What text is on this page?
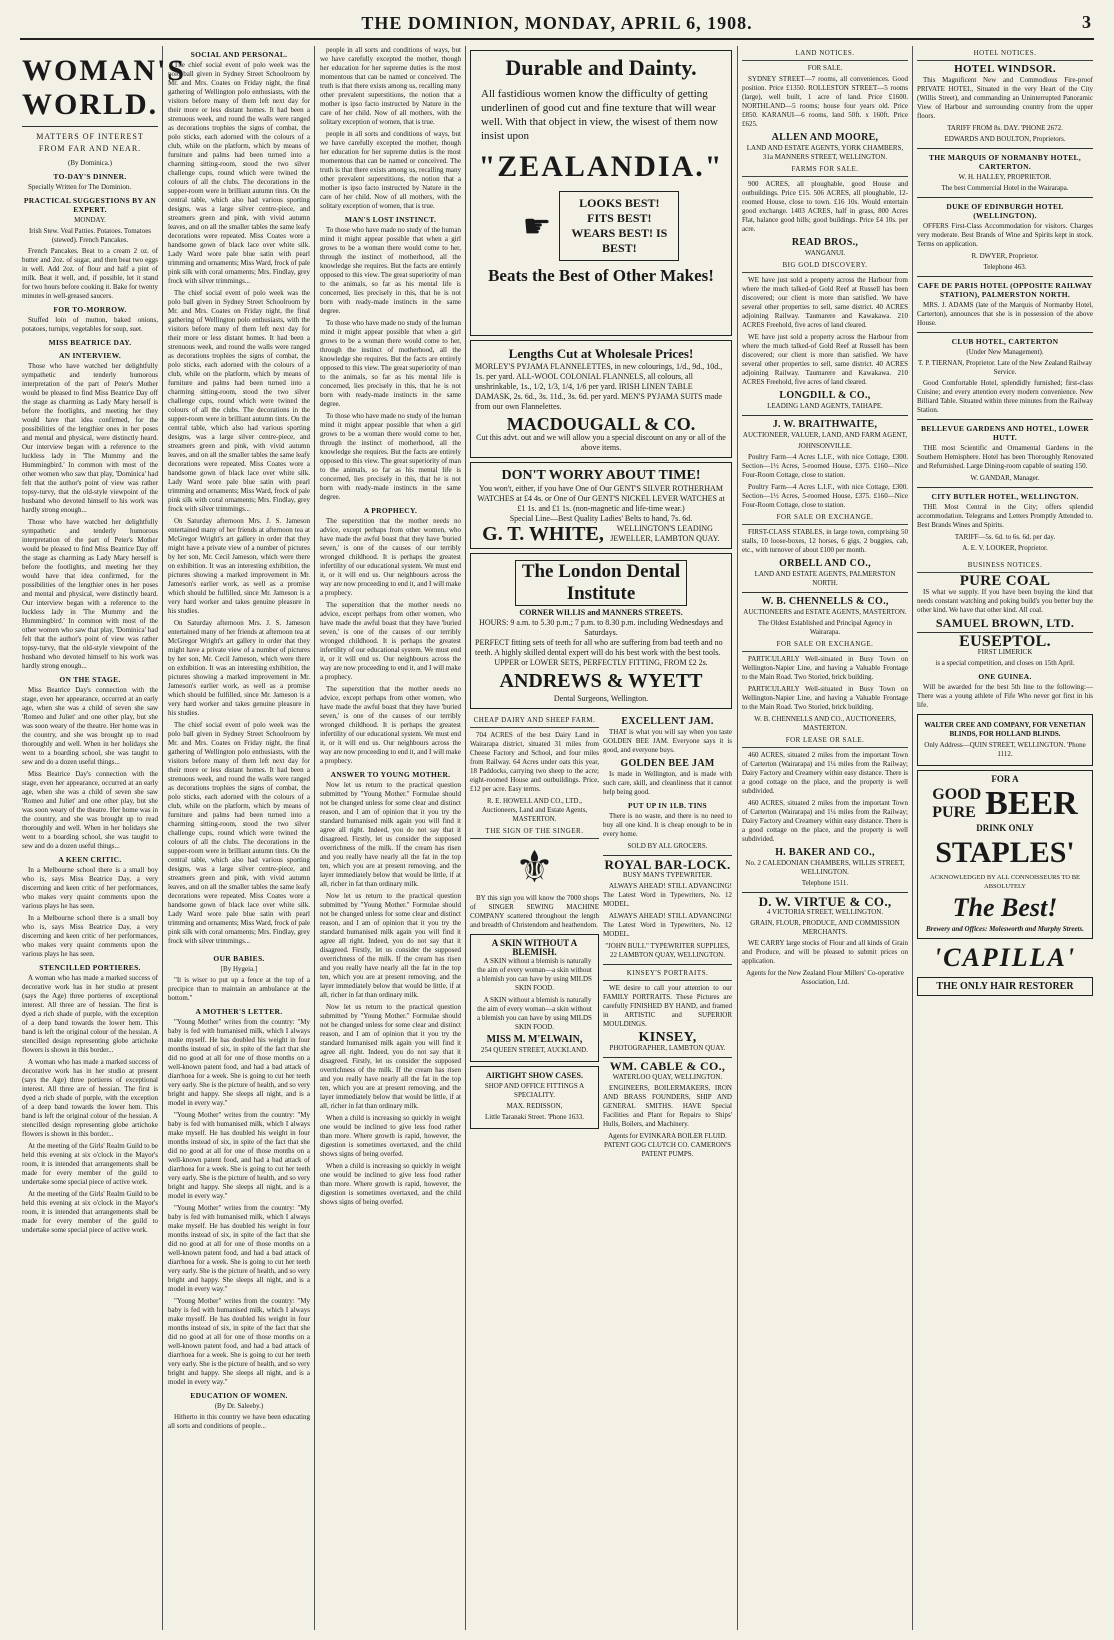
THE DOMINION, MONDAY, APRIL 6, 1908.	3
WOMAN'S WORLD.
MATTERS OF INTEREST FROM FAR AND NEAR.
(By Dominica.)
TO-DAY'S DINNER.

Specially Written for The Dominion.

PRACTICAL SUGGESTIONS BY AN EXPERT.
MONDAY.
Irish Stew. Veal Patties. Potatoes. Tomatoes (stewed). French Pancakes.

French Pancakes. Beat to a cream 2 oz. of butter and 2oz. of sugar, and then beat two eggs in well. Add 2oz. of flour and half a pint of milk. Beat it well, and, if possible, let it stand for two hours before cooking it. Bake for twenty minutes in well-greased saucers.

FOR TO-MORROW.

Stuffed loin of mutton, baked onions, potatoes, turnips, vegetables for soup, suet.

MISS BEATRICE DAY.
AN INTERVIEW.

Those who have watched her delightfully sympathetic and tenderly humorous interpretation of the part of Peter's Mother would be pleased to find Miss Beatrice Day off the stage as charming as Lady Mary herself is before the footlights, and meeting her they would have that idea confirmed, for the possibilities of the lengthier ones in her poses and mental and physical, were distinctly heard. Our interview began with a reference to the luckless lady in 'The Mummy and the Hummingbird.' In common with most of the other women who saw that play, 'Dominica' had felt that the author's point of view was rather topsy-turvy, that the old-style viewpoint of the husband who devoted himself to his work was hardly strong enough...

Those who have watched her delightfully sympathetic and tenderly humorous interpretation of the part of Peter's Mother would be pleased to find Miss Beatrice Day off the stage as charming as Lady Mary herself is before the footlights, and meeting her they would have that idea confirmed, for the possibilities of the lengthier ones in her poses and mental and physical, were distinctly heard. Our interview began with a reference to the luckless lady in 'The Mummy and the Hummingbird.' In common with most of the other women who saw that play, 'Dominica' had felt that the author's point of view was rather topsy-turvy, that the old-style viewpoint of the husband who devoted himself to his work was hardly strong enough...

ON THE STAGE.

Miss Beatrice Day's connection with the stage, even her appearance, occurred at an early age, when she was a child of seven she saw 'Romeo and Juliet' and one other play, but she was soon weary of the theatre. Her home was in the country, and she was brought up to read thoroughly and well. When in her holidays she went to a boarding school, she was taught to sew and do a dozen useful things...

Miss Beatrice Day's connection with the stage, even her appearance, occurred at an early age, when she was a child of seven she saw 'Romeo and Juliet' and one other play, but she was soon weary of the theatre. Her home was in the country, and she was brought up to read thoroughly and well. When in her holidays she went to a boarding school, she was taught to sew and do a dozen useful things...

A KEEN CRITIC.

In a Melbourne school there is a small boy who is, says Miss Beatrice Day, a very discerning and keen critic of her performances, who makes very quaint comments upon the various plays he has seen.

In a Melbourne school there is a small boy who is, says Miss Beatrice Day, a very discerning and keen critic of her performances, who makes very quaint comments upon the various plays he has seen.

STENCILLED PORTIERES.

A woman who has made a marked success of decorative work has in her studio at present (says the Age) three portieres of exceptional interest. All three are of hessian. The first is dyed a rich shade of purple, with the exception of a deep band towards the lower hem. This band is left the original colour of the hessian. A stencilled design representing globe artichoke flowers is shown in this border...

A woman who has made a marked success of decorative work has in her studio at present (says the Age) three portieres of exceptional interest. All three are of hessian. The first is dyed a rich shade of purple, with the exception of a deep band towards the lower hem. This band is left the original colour of the hessian. A stencilled design representing globe artichoke flowers is shown in this border...

At the meeting of the Girls' Realm Guild to be held this evening at six o'clock in the Mayor's room, it is intended that arrangements shall be made for every member of the guild to undertake some special piece of active work.

At the meeting of the Girls' Realm Guild to be held this evening at six o'clock in the Mayor's room, it is intended that arrangements shall be made for every member of the guild to undertake some special piece of active work.

SOCIAL AND PERSONAL.

The chief social event of polo week was the polo ball given in Sydney Street Schoolroom by Mr. and Mrs. Coates on Friday night, the final gathering of Wellington polo enthusiasts, with the visitors before many of them left next day for their more or less distant homes. It had been a strenuous week, and round the walls were ranged as decorations trophies the signs of combat, the polo sticks, each adorned with the colours of a club, while on the platform, which by means of furniture and palms had been turned into a charming sitting-room, stood the two silver challenge cups, round which were twined the colours of all the clubs. The decorations in the supper-room were in brilliant autumn tints. On the central table, which also had various sporting designs, was a large silver centre-piece, and streamers green and pink, with vivid autumn leaves, and on all the smaller tables the same leafy decorations were repeated. Miss Coates wore a handsome gown of black lace over white silk. Lady Ward wore pale blue satin with pearl trimming and ornaments; Miss Ward, frock of pale pink silk with coral ornaments; Mrs. Findlay, grey frock with silver trimmings...

The chief social event of polo week was the polo ball given in Sydney Street Schoolroom by Mr. and Mrs. Coates on Friday night, the final gathering of Wellington polo enthusiasts, with the visitors before many of them left next day for their more or less distant homes. It had been a strenuous week, and round the walls were ranged as decorations trophies the signs of combat, the polo sticks, each adorned with the colours of a club, while on the platform, which by means of furniture and palms had been turned into a charming sitting-room, stood the two silver challenge cups, round which were twined the colours of all the clubs. The decorations in the supper-room were in brilliant autumn tints. On the central table, which also had various sporting designs, was a large silver centre-piece, and streamers green and pink, with vivid autumn leaves, and on all the smaller tables the same leafy decorations were repeated. Miss Coates wore a handsome gown of black lace over white silk. Lady Ward wore pale blue satin with pearl trimming and ornaments; Miss Ward, frock of pale pink silk with coral ornaments; Mrs. Findlay, grey frock with silver trimmings...

On Saturday afternoon Mrs. J. S. Jameson entertained many of her friends at afternoon tea at McGregor Wright's art gallery in order that they might have a private view of a number of pictures by her son, Mr. Cecil Jameson, which were there on exhibition. It was an interesting exhibition, the pictures showing a marked improvement in Mr. Jameson's earlier work, as well as a promise which should be fulfilled, since Mr. Jameson is a very hard worker and takes genuine pleasure in his studies.

On Saturday afternoon Mrs. J. S. Jameson entertained many of her friends at afternoon tea at McGregor Wright's art gallery in order that they might have a private view of a number of pictures by her son, Mr. Cecil Jameson, which were there on exhibition. It was an interesting exhibition, the pictures showing a marked improvement in Mr. Jameson's earlier work, as well as a promise which should be fulfilled, since Mr. Jameson is a very hard worker and takes genuine pleasure in his studies.

The chief social event of polo week was the polo ball given in Sydney Street Schoolroom by Mr. and Mrs. Coates on Friday night, the final gathering of Wellington polo enthusiasts, with the visitors before many of them left next day for their more or less distant homes. It had been a strenuous week, and round the walls were ranged as decorations trophies the signs of combat, the polo sticks, each adorned with the colours of a club, while on the platform, which by means of furniture and palms had been turned into a charming sitting-room, stood the two silver challenge cups, round which were twined the colours of all the clubs. The decorations in the supper-room were in brilliant autumn tints. On the central table, which also had various sporting designs, was a large silver centre-piece, and streamers green and pink, with vivid autumn leaves, and on all the smaller tables the same leafy decorations were repeated. Miss Coates wore a handsome gown of black lace over white silk. Lady Ward wore pale blue satin with pearl trimming and ornaments; Miss Ward, frock of pale pink silk with coral ornaments; Mrs. Findlay, grey frock with silver trimmings...

OUR BABIES.
[By Hygeia.]

"It is wiser to put up a fence at the top of a precipice than to maintain an ambulance at the bottom."

A MOTHER'S LETTER.

"Young Mother" writes from the country: "My baby is fed with humanised milk, which I always make myself. He has doubled his weight in four months instead of six, in spite of the fact that she did no good at all for one of those months on a well-known patent food, and had a bad attack of diarrhoea for a week. She is going to cut her teeth very early. She is the picture of health, and so very bright and happy. She sleeps all night, and is a model in every way."

"Young Mother" writes from the country: "My baby is fed with humanised milk, which I always make myself. He has doubled his weight in four months instead of six, in spite of the fact that she did no good at all for one of those months on a well-known patent food, and had a bad attack of diarrhoea for a week. She is going to cut her teeth very early. She is the picture of health, and so very bright and happy. She sleeps all night, and is a model in every way."

"Young Mother" writes from the country: "My baby is fed with humanised milk, which I always make myself. He has doubled his weight in four months instead of six, in spite of the fact that she did no good at all for one of those months on a well-known patent food, and had a bad attack of diarrhoea for a week. She is going to cut her teeth very early. She is the picture of health, and so very bright and happy. She sleeps all night, and is a model in every way."

"Young Mother" writes from the country: "My baby is fed with humanised milk, which I always make myself. He has doubled his weight in four months instead of six, in spite of the fact that she did no good at all for one of those months on a well-known patent food, and had a bad attack of diarrhoea for a week. She is going to cut her teeth very early. She is the picture of health, and so very bright and happy. She sleeps all night, and is a model in every way."

EDUCATION OF WOMEN.
(By Dr. Saleeby.)

Hitherto in this country we have been educating all sorts and conditions of people...

people in all sorts and conditions of ways, but we have carefully excepted the mother, though her education for her supreme duties is the most momentous that can be named or conceived. The truth is that there exists among us, recalling many other prevalent superstitions, the notion that a mother is ipso facto instructed by Nature in the care of her child. Now of all mothers, with the solitary exception of women, that is true.

people in all sorts and conditions of ways, but we have carefully excepted the mother, though her education for her supreme duties is the most momentous that can be named or conceived. The truth is that there exists among us, recalling many other prevalent superstitions, the notion that a mother is ipso facto instructed by Nature in the care of her child. Now of all mothers, with the solitary exception of women, that is true.

MAN'S LOST INSTINCT.

To those who have made no study of the human mind it might appear possible that when a girl grows to be a woman there would come to her, through the instinct of motherhood, all the knowledge she requires. But the facts are entirely opposed to this view. The great superiority of man to the animals, so far as his mental life is concerned, lies precisely in this, that he is not born with ready-made instincts in the same degree.

To those who have made no study of the human mind it might appear possible that when a girl grows to be a woman there would come to her, through the instinct of motherhood, all the knowledge she requires. But the facts are entirely opposed to this view. The great superiority of man to the animals, so far as his mental life is concerned, lies precisely in this, that he is not born with ready-made instincts in the same degree.

To those who have made no study of the human mind it might appear possible that when a girl grows to be a woman there would come to her, through the instinct of motherhood, all the knowledge she requires. But the facts are entirely opposed to this view. The great superiority of man to the animals, so far as his mental life is concerned, lies precisely in this, that he is not born with ready-made instincts in the same degree.

A PROPHECY.

The superstition that the mother needs no advice, except perhaps from other women, who have made the awful boast that they have 'buried seven,' is one of the causes of our terribly wronged childhood. It is perhaps the greatest infertility of our educational system. We must end it, or it will end us. Our neighbours across the way are now proceeding to end it, and I will make a prophecy.

The superstition that the mother needs no advice, except perhaps from other women, who have made the awful boast that they have 'buried seven,' is one of the causes of our terribly wronged childhood. It is perhaps the greatest infertility of our educational system. We must end it, or it will end us. Our neighbours across the way are now proceeding to end it, and I will make a prophecy.

The superstition that the mother needs no advice, except perhaps from other women, who have made the awful boast that they have 'buried seven,' is one of the causes of our terribly wronged childhood. It is perhaps the greatest infertility of our educational system. We must end it, or it will end us. Our neighbours across the way are now proceeding to end it, and I will make a prophecy.

ANSWER TO YOUNG MOTHER.

Now let us return to the practical question submitted by "Young Mother." Formulae should not be changed unless for some clear and distinct reason, and I am of opinion that it you try the standard humanised milk again you will find it agree all right. Indeed, you do not say that it disagreed. Firstly, let us consider the supposed overrichness of the milk. If the cream has risen and you really have nearly all the fat in the top ten, which you are at present removing, and the layer immediately below that would be little, if at all, richer in fat than ordinary milk.

Now let us return to the practical question submitted by "Young Mother." Formulae should not be changed unless for some clear and distinct reason, and I am of opinion that it you try the standard humanised milk again you will find it agree all right. Indeed, you do not say that it disagreed. Firstly, let us consider the supposed overrichness of the milk. If the cream has risen and you really have nearly all the fat in the top ten, which you are at present removing, and the layer immediately below that would be little, if at all, richer in fat than ordinary milk.

Now let us return to the practical question submitted by "Young Mother." Formulae should not be changed unless for some clear and distinct reason, and I am of opinion that it you try the standard humanised milk again you will find it agree all right. Indeed, you do not say that it disagreed. Firstly, let us consider the supposed overrichness of the milk. If the cream has risen and you really have nearly all the fat in the top ten, which you are at present removing, and the layer immediately below that would be little, if at all, richer in fat than ordinary milk.

When a child is increasing so quickly in weight one would be inclined to give less food rather than more. Where growth is rapid, however, the digestion is sometimes overtaxed, and the child shows signs of being overfed.

When a child is increasing so quickly in weight one would be inclined to give less food rather than more. Where growth is rapid, however, the digestion is sometimes overtaxed, and the child shows signs of being overfed.

Durable and Dainty.
All fastidious women know the difficulty of getting underlinen of good cut and fine texture that will wear well. With that object in view, the wisest of them now insist upon
"ZEALANDIA."
☛
LOOKS BEST! FITS BEST! WEARS BEST! IS BEST!
Beats the Best of Other Makes!
Lengths Cut at Wholesale Prices!
MORLEY'S PYJAMA FLANNELETTES, in new colourings, 1/d., 9d., 10d., 1s. per yard. ALL-WOOL COLONIAL FLANNELS, all colours, all unshrinkable, 1s., 1/2, 1/3, 1/4, 1/6 per yard. IRISH LINEN TABLE DAMASK, 2s. 6d., 3s. 11d., 3s. 6d. per yard. MEN'S PYJAMA SUITS made from our own Flannelettes.
MACDOUGALL & CO.
Cut this advt. out and we will allow you a special discount on any or all of the above items.
DON'T WORRY ABOUT TIME!
You won't, either, if you have One of Our GENT'S SILVER ROTHERHAM WATCHES at £4 4s. or One of Our GENT'S NICKEL LEVER WATCHES at £1 1s. and £1 1s. (non-magnetic and life-time wear.)
Special Line—Best Quality Ladies' Belts to hand, 7s. 6d.
G. T. WHITE,	WELLINGTON'S LEADING JEWELLER, LAMBTON QUAY.
The London Dental Institute
CORNER WILLIS and MANNERS STREETS.
HOURS: 9 a.m. to 5.30 p.m.; 7 p.m. to 8.30 p.m. including Wednesdays and Saturdays.
PERFECT fitting sets of teeth for all who are suffering from bad teeth and no teeth. A highly skilled dental expert will do his best work with the best tools.
UPPER or LOWER SETS, PERFECTLY FITTING, FROM £2 2s.
ANDREWS & WYETT
Dental Surgeons, Wellington.
CHEAP DAIRY AND SHEEP FARM.

704 ACRES of the best Dairy Land in Wairarapa district, situated 31 miles from Cheese Factory and School, and four miles from Railway. 64 Acres under oats this year, 18 Paddocks, carrying two sheep to the acre; eight-roomed House and outbuildings. Price, £12 per acre. Easy terms.

R. E. HOWELL AND CO., LTD., Auctioneers, Land and Estate Agents, MASTERTON.
THE SIGN OF THE SINGER.
⚜

BY this sign you will know the 7000 shops of SINGER SEWING MACHINE COMPANY scattered throughout the length and breadth of Christendom and heathendom.

A SKIN WITHOUT A BLEMISH.

A SKIN without a blemish is naturally the aim of every woman—a skin without a blemish you can have by using MILDS SKIN FOOD.

A SKIN without a blemish is naturally the aim of every woman—a skin without a blemish you can have by using MILDS SKIN FOOD.

MISS M. M'ELWAIN,
254 QUEEN STREET, AUCKLAND.
AIRTIGHT SHOW CASES.
SHOP AND OFFICE FITTINGS A SPECIALITY.
MAX. REDISSON,
Little Taranaki Street. 'Phone 1633.
EXCELLENT JAM.

THAT is what you will say when you taste GOLDEN BEE JAM. Everyone says it is good, and everyone buys.

GOLDEN BEE JAM

Is made in Wellington, and is made with such care, skill, and cleanliness that it cannot help being good.

PUT UP IN 1LB. TINS

There is no waste, and there is no need to buy all one kind. It is cheap enough to be in every home.

SOLD BY ALL GROCERS.
ROYAL BAR-LOCK.
BUSY MAN'S TYPEWRITER.

ALWAYS AHEAD! STILL ADVANCING! The Latest Word in Typewriters, No. 12 MODEL.

ALWAYS AHEAD! STILL ADVANCING! The Latest Word in Typewriters, No. 12 MODEL.

"JOHN BULL" TYPEWRITER SUPPLIES, 22 LAMBTON QUAY, WELLINGTON.
KINSEY'S PORTRAITS.

WE desire to call your attention to our FAMILY PORTRAITS. These Pictures are carefully FINISHED BY HAND, and framed in ARTISTIC and SUPERIOR MOULDINGS.

KINSEY,
PHOTOGRAPHER, LAMBTON QUAY.
WM. CABLE & CO.,
WATERLOO QUAY, WELLINGTON.

ENGINEERS, BOILERMAKERS, IRON AND BRASS FOUNDERS, SHIP AND GENERAL SMITHS. HAVE Special Facilities and Plant for Repairs to Ships' Hulls, Boilers, and Machinery.

Agents for EVINKARA BOILER FLUID. PATENT GOG CLUTCH CO. CAMERON'S PATENT PUMPS.
LAND NOTICES.
FOR SALE.

SYDNEY STREET—7 rooms, all conveniences. Good position. Price £1350. ROLLESTON STREET—5 rooms (large), well built, 1 acre of land. Price £1600. NORTHLAND—5 rooms; house four years old. Price £850. KARANUI—6 rooms, land 50ft. x 160ft. Price £625.

ALLEN AND MOORE,
LAND AND ESTATE AGENTS, YORK CHAMBERS, 31a MANNERS STREET, WELLINGTON.
FARMS FOR SALE.

900 ACRES, all ploughable, good House and outbuildings. Price £15. 506 ACRES, all ploughable, 12-roomed House, close to town. £16 10s. Would entertain good exchange. 1403 ACRES, half in grass, 800 Acres Flat, balance good hills; good buildings. Price £4 10s. per acre.

READ BROS.,
WANGANUI.
BIG GOLD DISCOVERY.

WE have just sold a property across the Harbour from where the much talked-of Gold Reef at Russell has been discovered; our client is more than satisfied. We have several other properties to sell, same district. 40 ACRES adjoining Railway. Taumarere and Kawakawa. 210 ACRES Freehold, five acres of land cleared.

WE have just sold a property across the Harbour from where the much talked-of Gold Reef at Russell has been discovered; our client is more than satisfied. We have several other properties to sell, same district. 40 ACRES adjoining Railway. Taumarere and Kawakawa. 210 ACRES Freehold, five acres of land cleared.

LONGDILL & CO.,
LEADING LAND AGENTS, TAIHAPE.
J. W. BRAITHWAITE,
AUCTIONEER, VALUER, LAND, AND FARM AGENT,
JOHNSONVILLE.

Poultry Farm—4 Acres L.I.F., with nice Cottage, £300. Section—1½ Acres, 5-roomed House, £375. £160—Nice Four-Room Cottage, close to station.

Poultry Farm—4 Acres L.I.F., with nice Cottage, £300. Section—1½ Acres, 5-roomed House, £375. £160—Nice Four-Room Cottage, close to station.

FOR SALE OR EXCHANGE.

FIRST-CLASS STABLES, in large town, comprising 50 stalls, 10 loose-boxes, 12 horses, 6 gigs, 2 buggies, cab, etc., with turnover of about £100 per month.

ORBELL AND CO.,
LAND AND ESTATE AGENTS, PALMERSTON NORTH.
W. B. CHENNELLS & CO.,
AUCTIONEERS and ESTATE AGENTS, MASTERTON.
The Oldest Established and Principal Agency in Wairarapa.
FOR SALE OR EXCHANGE.

PARTICULARLY Well-situated in Busy Town on Wellington-Napier Line, and having a Valuable Frontage to the Main Road. Two Storied, brick building.

PARTICULARLY Well-situated in Busy Town on Wellington-Napier Line, and having a Valuable Frontage to the Main Road. Two Storied, brick building.

W. B. CHENNELLS AND CO., AUCTIONEERS, MASTERTON.
FOR LEASE OR SALE.

460 ACRES, situated 2 miles from the important Town of Carterton (Wairarapa) and 1¼ miles from the Railway; Dairy Factory and Creamery within easy distance. There is a good cottage on the place, and the property is well subdivided.

460 ACRES, situated 2 miles from the important Town of Carterton (Wairarapa) and 1¼ miles from the Railway; Dairy Factory and Creamery within easy distance. There is a good cottage on the place, and the property is well subdivided.

H. BAKER AND CO.,
No. 2 CALEDONIAN CHAMBERS, WILLIS STREET, WELLINGTON.
Telephone 1511.
D. W. VIRTUE & CO.,
4 VICTORIA STREET, WELLINGTON.
GRAIN, FLOUR, PRODUCE, AND COMMISSION MERCHANTS.

WE CARRY large stocks of Flour and all kinds of Grain and Produce, and will be pleased to submit prices on application.

Agents for the New Zealand Flour Millers' Co-operative Association, Ltd.
HOTEL NOTICES.
HOTEL WINDSOR.

This Magnificent New and Commodious Fire-proof PRIVATE HOTEL, Situated in the very Heart of the City (Willis Street), and commanding an Uninterrupted Panoramic View of Harbour and surrounding country from the upper floors.

TARIFF FROM 8s. DAY. 'PHONE 2672.
EDWARDS AND BOULTON, Proprietors.
THE MARQUIS OF NORMANBY HOTEL, CARTERTON.
W. H. HALLEY, PROPRIETOR.
The best Commercial Hotel in the Wairarapa.
DUKE OF EDINBURGH HOTEL (WELLINGTON).

OFFERS First-Class Accommodation for visitors. Charges very moderate. Best Brands of Wine and Spirits kept in stock. Terms on application.

R. DWYER, Proprietor.
Telephone 463.
CAFE DE PARIS HOTEL (OPPOSITE RAILWAY STATION), PALMERSTON NORTH.

MRS. J. ADAMS (late of the Marquis of Normanby Hotel, Carterton), announces that she is in possession of the above House.

CLUB HOTEL, CARTERTON
(Under New Management).
T. P. TIERNAN, Proprietor. Late of the New Zealand Railway Service.

Good Comfortable Hotel, splendidly furnished; first-class Cuisine; and every attention every modern convenience. New Billiard Table. Situated within three minutes from the Railway Station.

BELLEVUE GARDENS AND HOTEL, LOWER HUTT.

THE most Scientific and Ornamental Gardens in the Southern Hemisphere. Hotel has been Thoroughly Renovated and Refurnished. Large Dining-room capable of seating 150.

W. GANDAR, Manager.
CITY BUTLER HOTEL, WELLINGTON.

THE Most Central in the City; offers splendid accommodation. Telegrams and Letters Promptly Attended to. Best Brands Wines and Spirits.

TARIFF—5s. 6d. to 6s. 6d. per day.
A. E. V. LOOKER, Proprietor.
BUSINESS NOTICES.
PURE COAL

IS what we supply. If you have been buying the kind that needs constant watching and poking build's you better buy the other kind. We have that other kind. All coal.

SAMUEL BROWN, LTD.
EUSEPTOL.
FIRST LIMERICK
is a special competition, and closes on 15th April.
ONE GUINEA.

Will be awarded for the best 5th line to the following:— There was a young athlete of Fife Who never got first in his life.

WALTER CREE AND COMPANY, FOR VENETIAN BLINDS, FOR HOLLAND BLINDS.
Only Address—QUIN STREET, WELLINGTON. 'Phone 1112.
FOR A
GOOD
PURE BEER
DRINK ONLY
STAPLES'
ACKNOWLEDGED BY ALL CONNOISSEURS TO BE ABSOLUTELY
The Best!
Brewery and Offices: Molesworth and Murphy Streets.
'CAPILLA'
THE ONLY HAIR RESTORER
